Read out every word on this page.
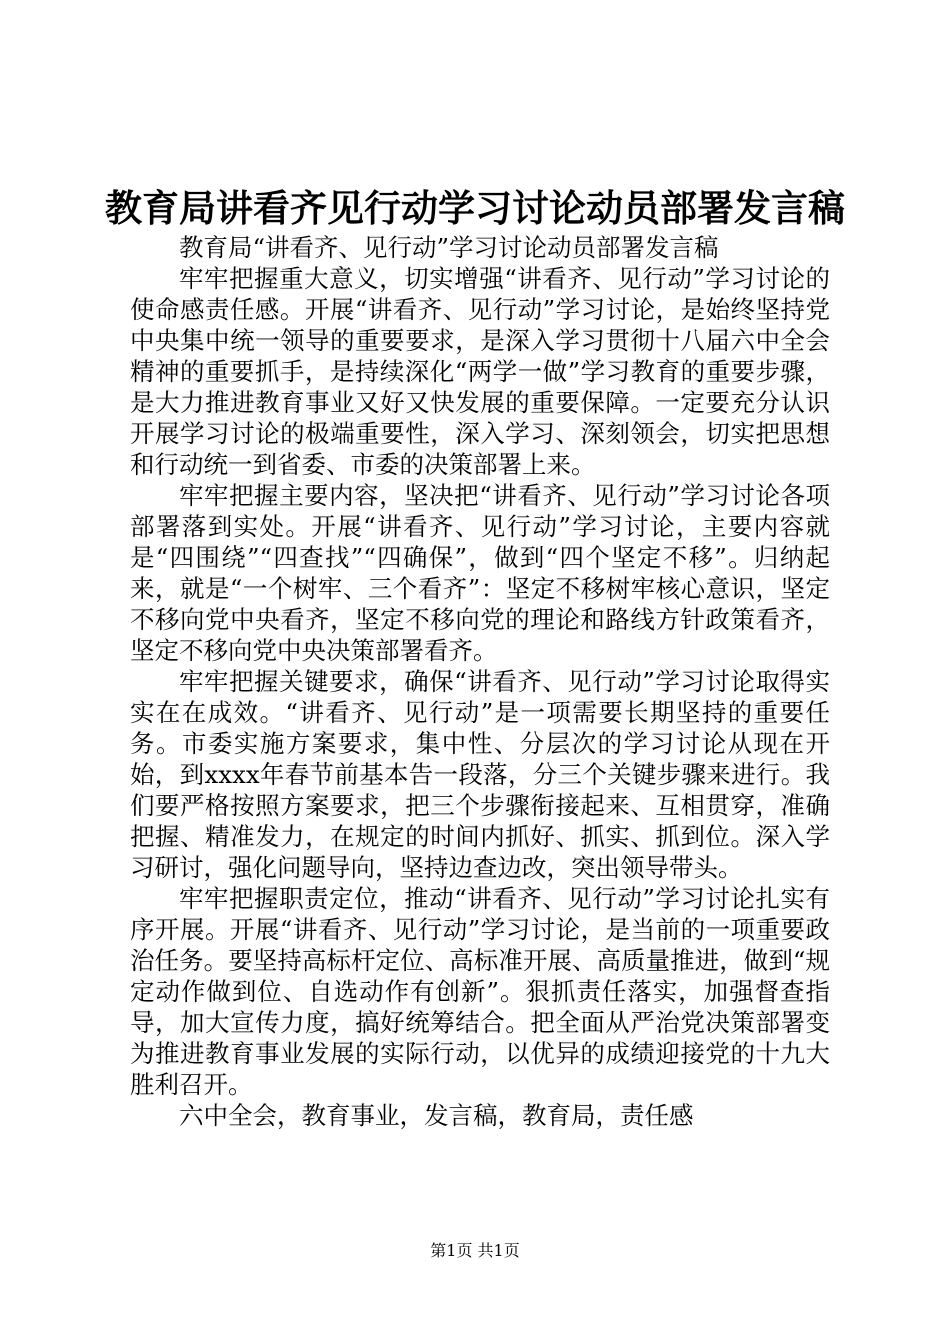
教育局讲看齐见行动学习讨论动员部署发言稿

教育局“讲看齐、见行动”学习讨论动员部署发言稿

牢牢把握重大意义，切实增强“讲看齐、见行动”学习讨论的使命感责任感。开展“讲看齐、见行动”学习讨论，是始终坚持党中央集中统一领导的重要要求，是深入学习贯彻十八届六中全会精神的重要抓手，是持续深化“两学一做”学习教育的重要步骤，是大力推进教育事业又好又快发展的重要保障。一定要充分认识开展学习讨论的极端重要性，深入学习、深刻领会，切实把思想和行动统一到省委、市委的决策部署上来。

牢牢把握主要内容，坚决把“讲看齐、见行动”学习讨论各项部署落到实处。开展“讲看齐、见行动”学习讨论，主要内容就是“四围绕”“四查找”“四确保”，做到“四个坚定不移”。归纳起来，就是“一个树牢、三个看齐”：坚定不移树牢核心意识，坚定不移向党中央看齐，坚定不移向党的理论和路线方针政策看齐，坚定不移向党中央决策部署看齐。

牢牢把握关键要求，确保“讲看齐、见行动”学习讨论取得实实在在成效。“讲看齐、见行动”是一项需要长期坚持的重要任务。市委实施方案要求，集中性、分层次的学习讨论从现在开始，到xxxx年春节前基本告一段落，分三个关键步骤来进行。我们要严格按照方案要求，把三个步骤衔接起来、互相贯穿，准确把握、精准发力，在规定的时间内抓好、抓实、抓到位。深入学习研讨，强化问题导向，坚持边查边改，突出领导带头。

牢牢把握职责定位，推动“讲看齐、见行动”学习讨论扎实有序开展。开展“讲看齐、见行动”学习讨论，是当前的一项重要政治任务。要坚持高标杆定位、高标准开展、高质量推进，做到“规定动作做到位、自选动作有创新”。狠抓责任落实，加强督查指导，加大宣传力度，搞好统筹结合。把全面从严治党决策部署变为推进教育事业发展的实际行动，以优异的成绩迎接党的十九大胜利召开。

六中全会，教育事业，发言稿，教育局，责任感

第1页 共1页
